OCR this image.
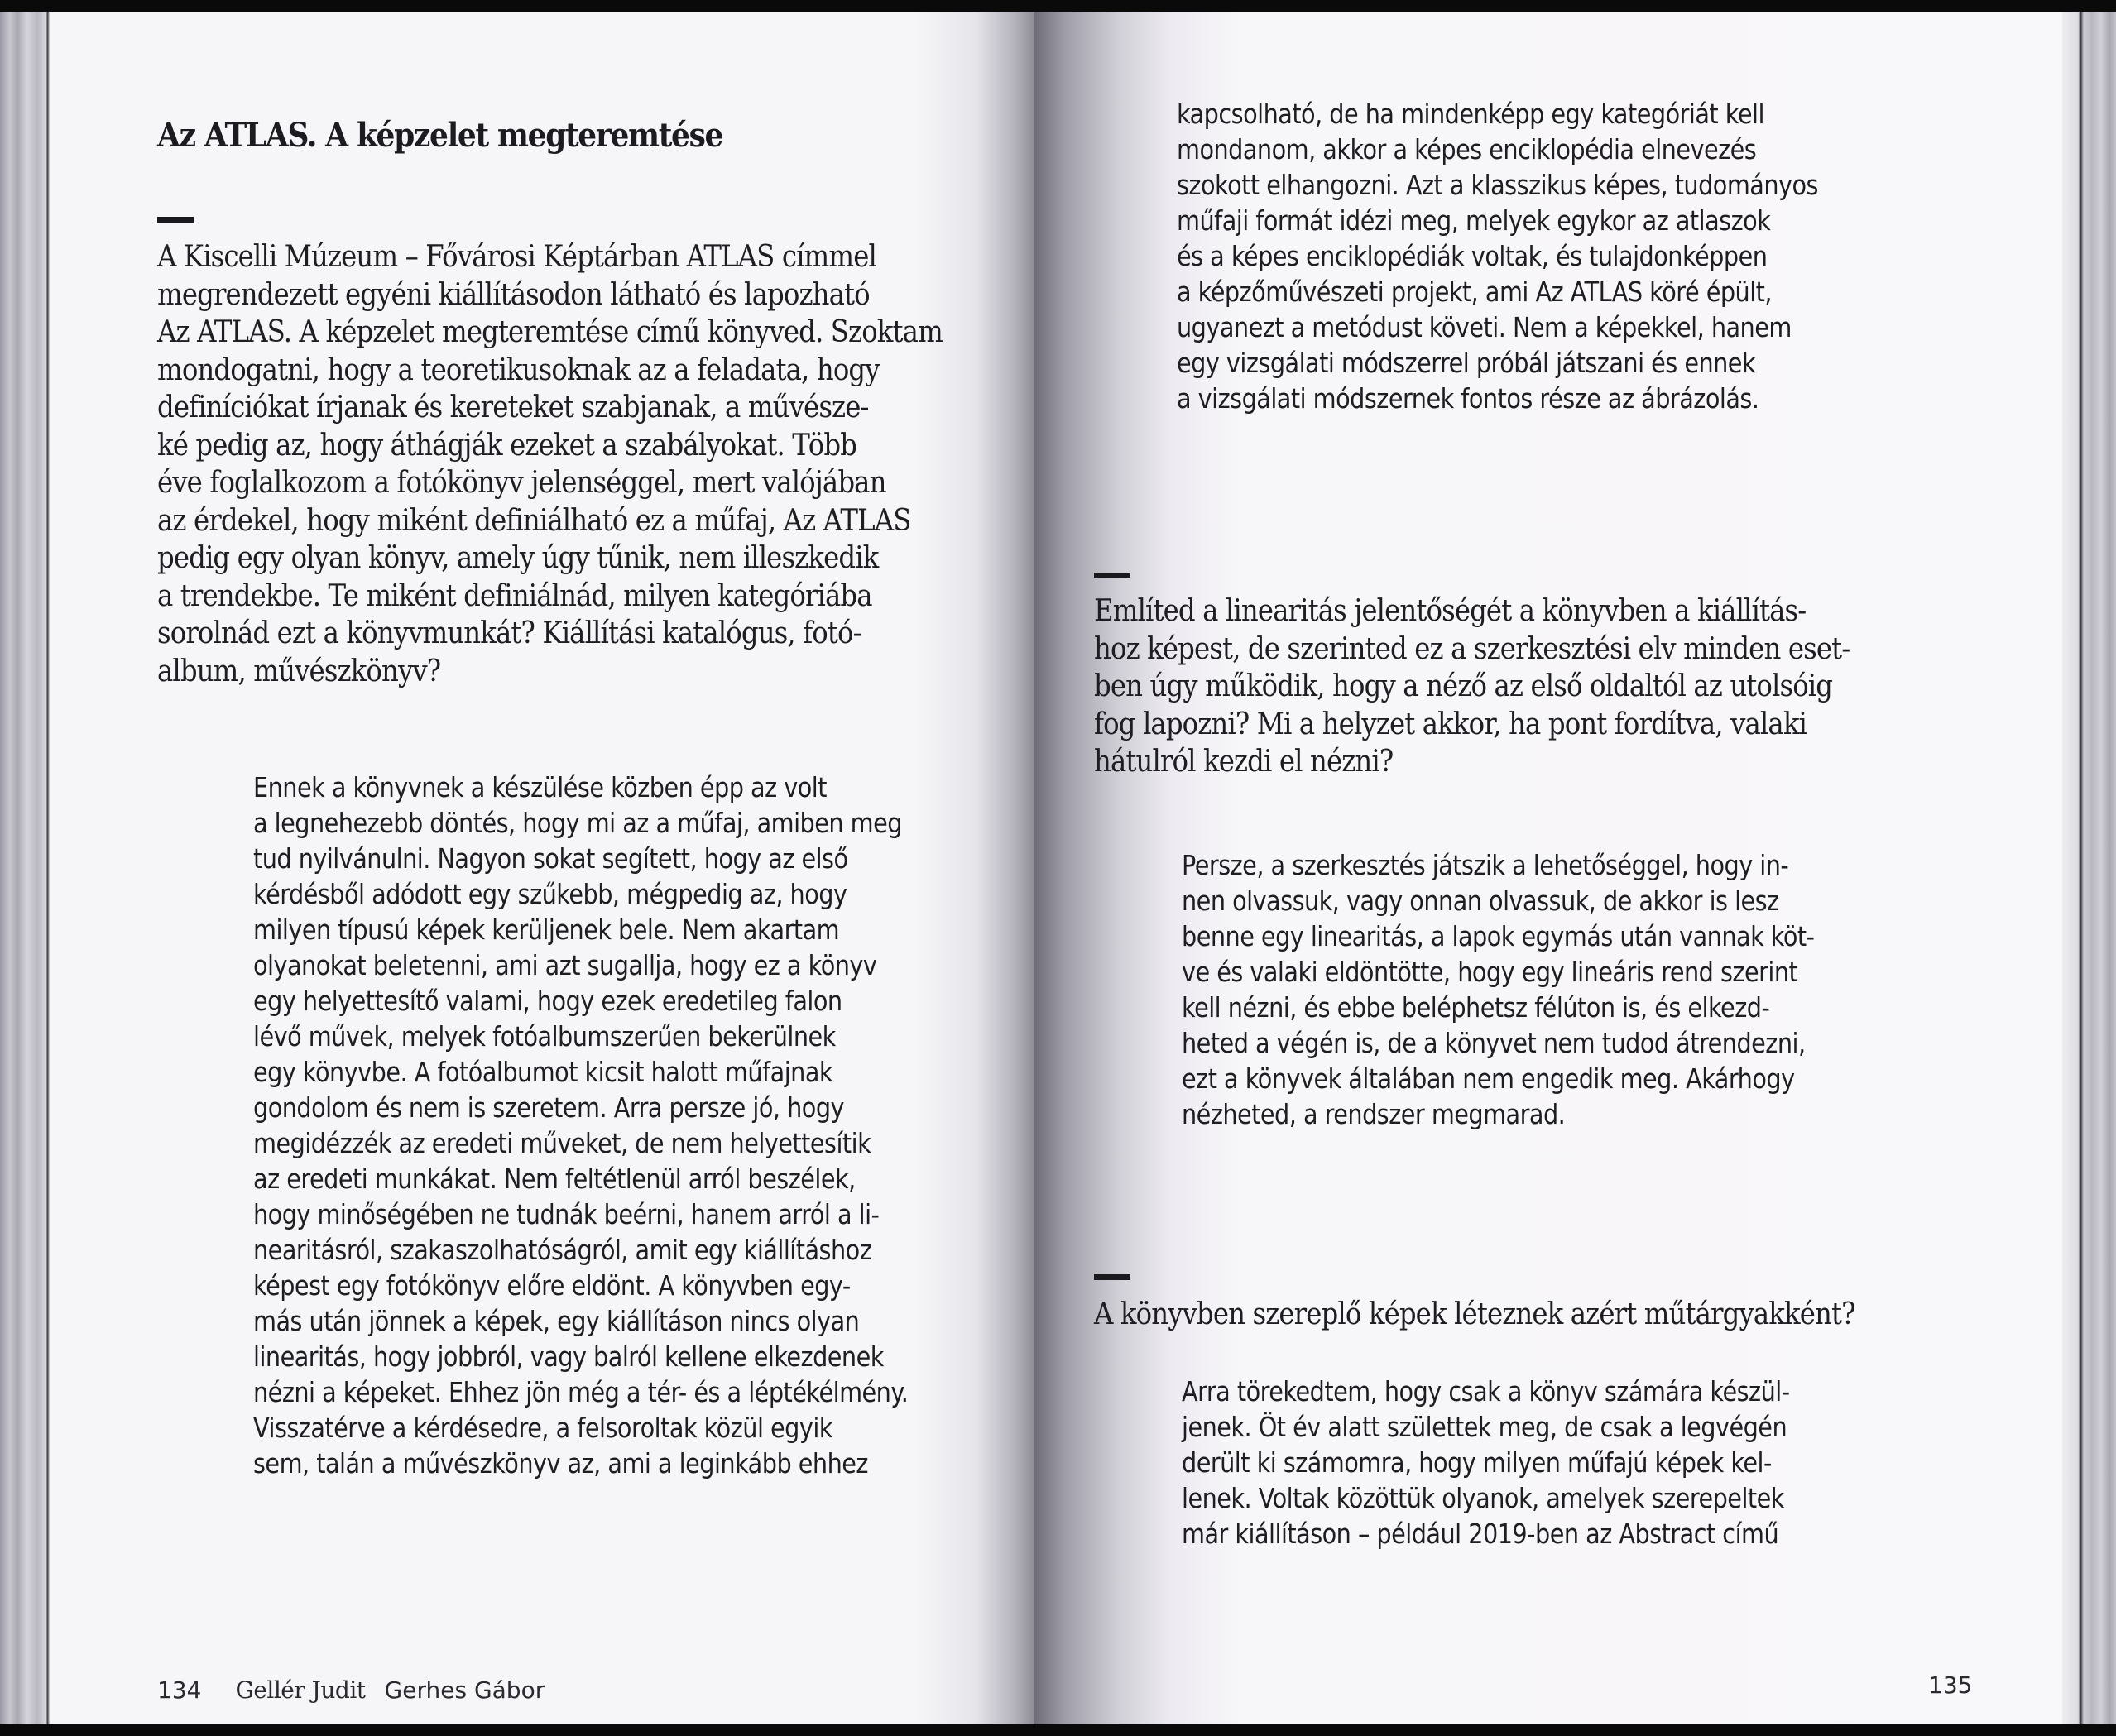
Az ATLAS. A képzelet megteremtése
A Kiscelli Múzeum – Fővárosi Képtárban ATLAS címmel
megrendezett egyéni kiállításodon látható és lapozható
Az ATLAS. A képzelet megteremtése című könyved. Szoktam
mondogatni, hogy a teoretikusoknak az a feladata, hogy
definíciókat írjanak és kereteket szabjanak, a művésze-
ké pedig az, hogy áthágják ezeket a szabályokat. Több
éve foglalkozom a fotókönyv jelenséggel, mert valójában
az érdekel, hogy miként definiálható ez a műfaj, Az ATLAS
pedig egy olyan könyv, amely úgy tűnik, nem illeszkedik
a trendekbe. Te miként definiálnád, milyen kategóriába
sorolnád ezt a könyvmunkát? Kiállítási katalógus, fotó-
album, művészkönyv?
Ennek a könyvnek a készülése közben épp az volt
a legnehezebb döntés, hogy mi az a műfaj, amiben meg
tud nyilvánulni. Nagyon sokat segített, hogy az első
kérdésből adódott egy szűkebb, mégpedig az, hogy
milyen típusú képek kerüljenek bele. Nem akartam
olyanokat beletenni, ami azt sugallja, hogy ez a könyv
egy helyettesítő valami, hogy ezek eredetileg falon
lévő művek, melyek fotóalbumszerűen bekerülnek
egy könyvbe. A fotóalbumot kicsit halott műfajnak
gondolom és nem is szeretem. Arra persze jó, hogy
megidézzék az eredeti műveket, de nem helyettesítik
az eredeti munkákat. Nem feltétlenül arról beszélek,
hogy minőségében ne tudnák beérni, hanem arról a li-
nearitásról, szakaszolhatóságról, amit egy kiállításhoz
képest egy fotókönyv előre eldönt. A könyvben egy-
más után jönnek a képek, egy kiállításon nincs olyan
linearitás, hogy jobbról, vagy balról kellene elkezdenek
nézni a képeket. Ehhez jön még a tér- és a léptékélmény.
Visszatérve a kérdésedre, a felsoroltak közül egyik
sem, talán a művészkönyv az, ami a leginkább ehhez
134 Gellér Judit Gerhes Gábor
kapcsolható, de ha mindenképp egy kategóriát kell
mondanom, akkor a képes enciklopédia elnevezés
szokott elhangozni. Azt a klasszikus képes, tudományos
műfaji formát idézi meg, melyek egykor az atlaszok
és a képes enciklopédiák voltak, és tulajdonképpen
a képzőművészeti projekt, ami Az ATLAS köré épült,
ugyanezt a metódust követi. Nem a képekkel, hanem
egy vizsgálati módszerrel próbál játszani és ennek
a vizsgálati módszernek fontos része az ábrázolás.
Említed a linearitás jelentőségét a könyvben a kiállítás-
hoz képest, de szerinted ez a szerkesztési elv minden eset-
ben úgy működik, hogy a néző az első oldaltól az utolsóig
fog lapozni? Mi a helyzet akkor, ha pont fordítva, valaki
hátulról kezdi el nézni?
Persze, a szerkesztés játszik a lehetőséggel, hogy in-
nen olvassuk, vagy onnan olvassuk, de akkor is lesz
benne egy linearitás, a lapok egymás után vannak köt-
ve és valaki eldöntötte, hogy egy lineáris rend szerint
kell nézni, és ebbe beléphetsz félúton is, és elkezd-
heted a végén is, de a könyvet nem tudod átrendezni,
ezt a könyvek általában nem engedik meg. Akárhogy
nézheted, a rendszer megmarad.
A könyvben szereplő képek léteznek azért műtárgyakként?
Arra törekedtem, hogy csak a könyv számára készül-
jenek. Öt év alatt születtek meg, de csak a legvégén
derült ki számomra, hogy milyen műfajú képek kel-
lenek. Voltak közöttük olyanok, amelyek szerepeltek
már kiállításon – például 2019-ben az Abstract című
135
